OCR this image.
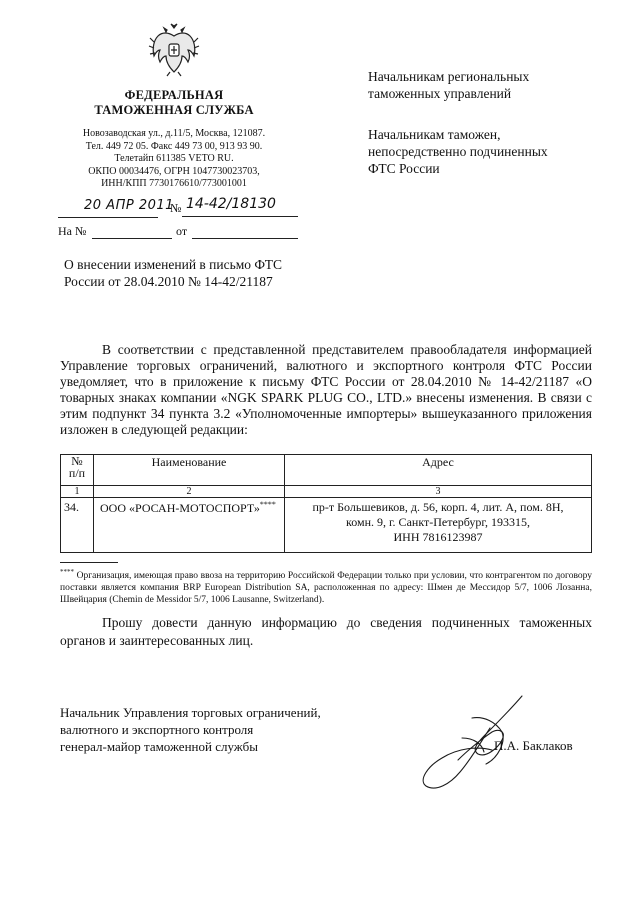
ФЕДЕРАЛЬНАЯ
ТАМОЖЕННАЯ СЛУЖБА
Новозаводская ул., д.11/5, Москва, 121087.
Тел. 449 72 05. Факс 449 73 00, 913 93 90.
Телетайп 611385 VETO RU.
ОКПО 00034476, ОГРН 1047730023703,
ИНН/КПП 7730176610/773001001
20 АПР 2011
№ 14-42/18130
На №	от
Начальникам региональных
таможенных управлений
Начальникам таможен,
непосредственно подчиненных
ФТС России
О внесении изменений в письмо ФТС России от 28.04.2010 № 14-42/21187
В соответствии с представленной представителем правообладателя информацией Управление торговых ограничений, валютного и экспортного контроля ФТС России уведомляет, что в приложение к письму ФТС России от 28.04.2010 № 14-42/21187 «О товарных знаках компании «NGK SPARK PLUG CO., LTD.» внесены изменения. В связи с этим подпункт 34 пункта 3.2 «Уполномоченные импортеры» вышеуказанного приложения изложен в следующей редакции:
№
п/п	Наименование	Адрес
1	2	3
34.	ООО «РОСАН-МОТОСПОРТ»****	пр-т Большевиков, д. 56, корп. 4, лит. А, пом. 8Н,
комн. 9, г. Санкт-Петербург, 193315,
ИНН 7816123987
**** Организация, имеющая право ввоза на территорию Российской Федерации только при условии, что контрагентом по договору поставки является компания BRP European Distribution SA, расположенная по адресу: Шмен де Мессидор 5/7, 1006 Лозанна, Швейцария (Chemin de Messidor 5/7, 1006 Lausanne, Switzerland).
Прошу довести данную информацию до сведения подчиненных таможенных органов и заинтересованных лиц.
Начальник Управления торговых ограничений,
валютного и экспортного контроля
генерал-майор таможенной службы	П.А. Баклаков
